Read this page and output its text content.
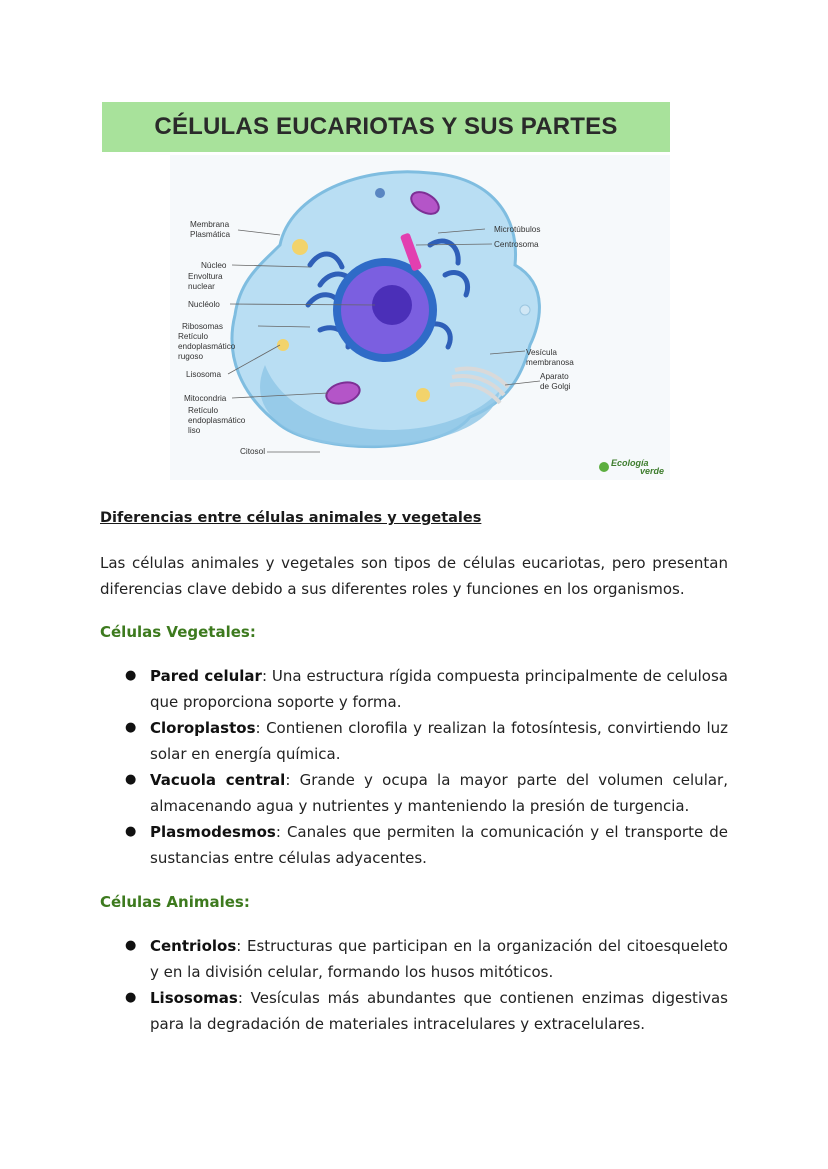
CÉLULAS EUCARIOTAS Y SUS PARTES
Membrana
Plasmática
Núcleo
Envoltura
nuclear
Nucléolo
Ribosomas
Retículo
endoplasmático
rugoso
Lisosoma
Mitocondria
Retículo
endoplasmático
liso
Citosol
Microtúbulos
Centrosoma
Vesícula
membranosa
Aparato
de Golgi
Ecología
verde
Diferencias entre células animales y vegetales

Las células animales y vegetales son tipos de células eucariotas, pero presentan diferencias clave debido a sus diferentes roles y funciones en los organismos.

Células Vegetales:
● Pared celular: Una estructura rígida compuesta principalmente de celulosa que proporciona soporte y forma.
● Cloroplastos: Contienen clorofila y realizan la fotosíntesis, convirtiendo luz solar en energía química.
● Vacuola central: Grande y ocupa la mayor parte del volumen celular, almacenando agua y nutrientes y manteniendo la presión de turgencia.
● Plasmodesmos: Canales que permiten la comunicación y el transporte de sustancias entre células adyacentes.
Células Animales:
● Centriolos: Estructuras que participan en la organización del citoesqueleto y en la división celular, formando los husos mitóticos.
● Lisosomas: Vesículas más abundantes que contienen enzimas digestivas para la degradación de materiales intracelulares y extracelulares.
